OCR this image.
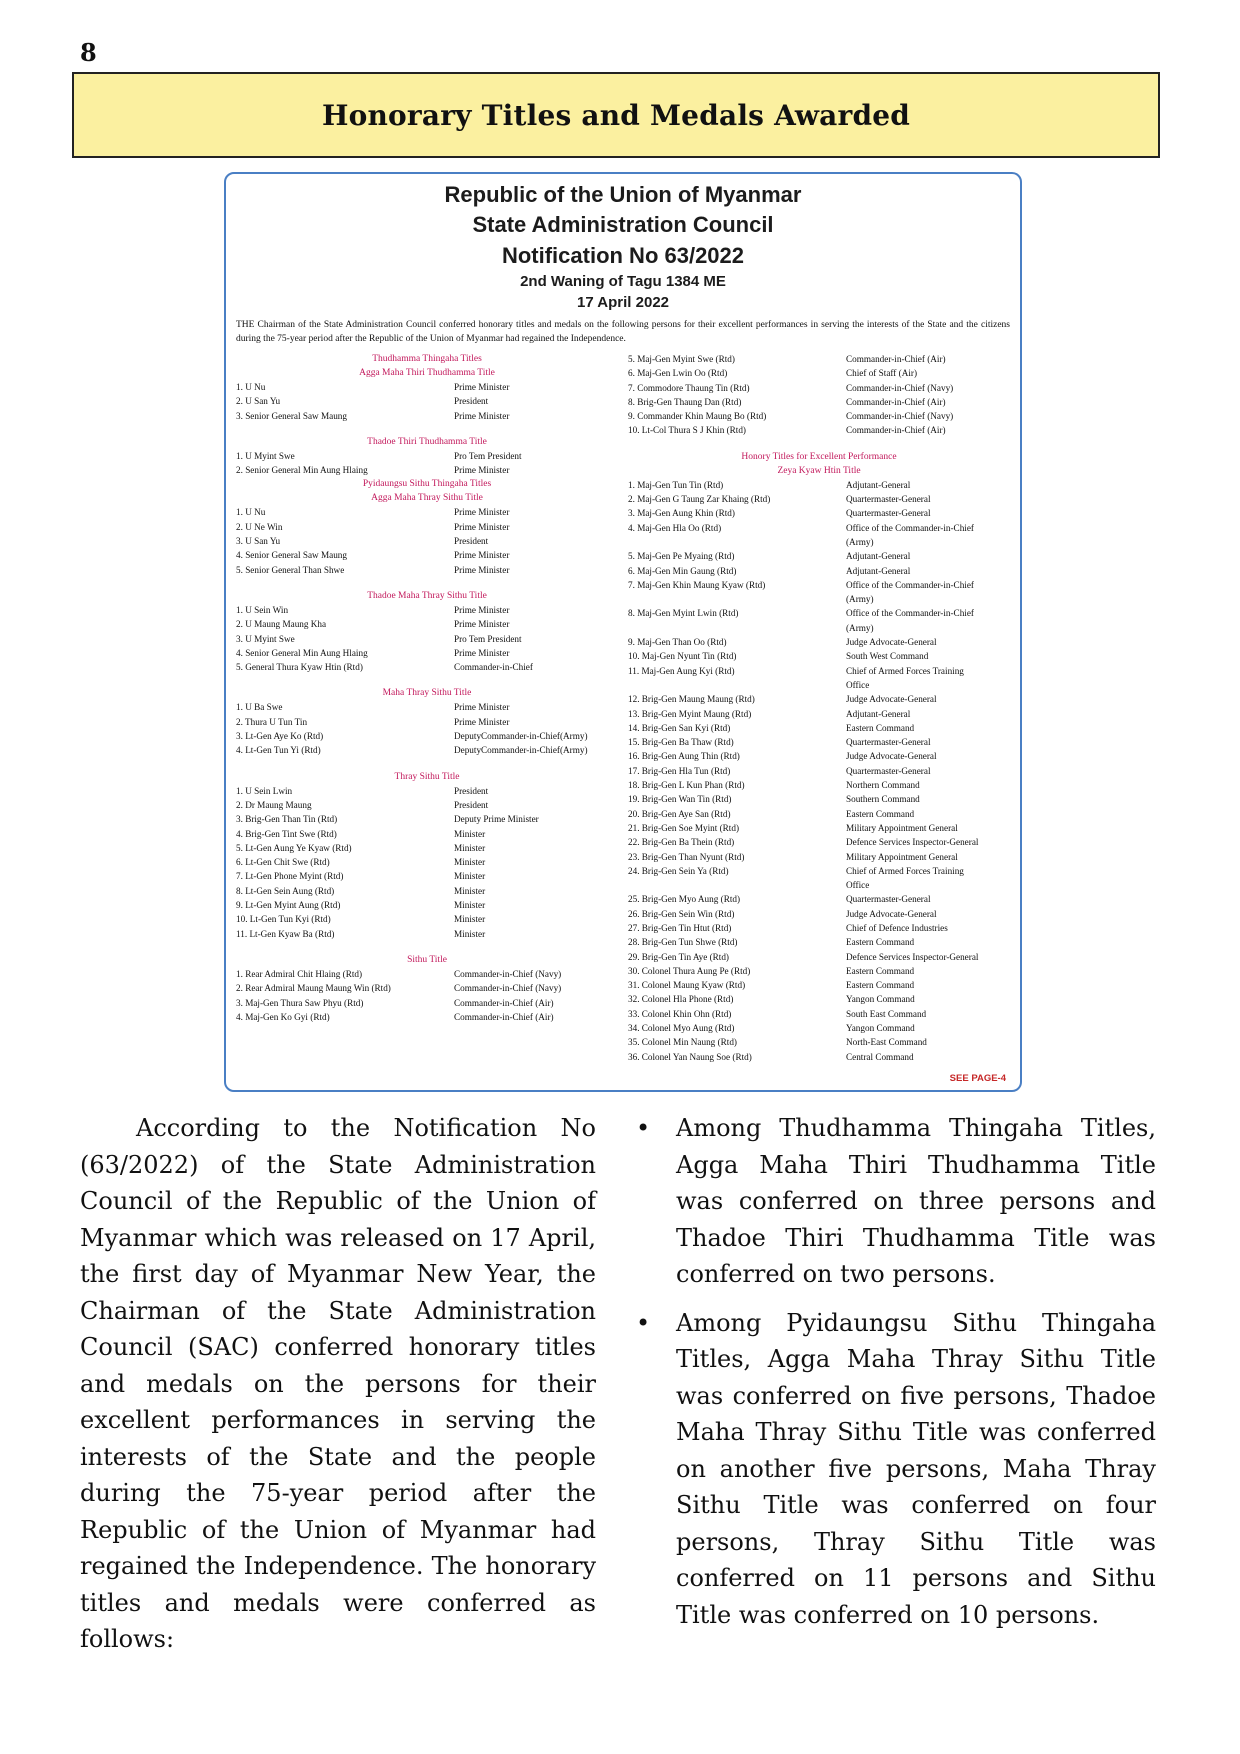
8
Honorary Titles and Medals Awarded
Republic of the Union of Myanmar
State Administration Council
Notification No 63/2022
2nd Waning of Tagu 1384 ME
17 April 2022
THE Chairman of the State Administration Council conferred honorary titles and medals on the following persons for their excellent performances in serving the interests of the State and the citizens during the 75-year period after the Republic of the Union of Myanmar had regained the Independence.
Thudhamma Thingaha Titles
Agga Maha Thiri Thudhamma Title
1. U Nu	Prime Minister
2. U San Yu	President
3. Senior General Saw Maung	Prime Minister
Thadoe Thiri Thudhamma Title
1. U Myint Swe	Pro Tem President
2. Senior General Min Aung Hlaing	Prime Minister
Pyidaungsu Sithu Thingaha Titles
Agga Maha Thray Sithu Title
1. U Nu	Prime Minister
2. U Ne Win	Prime Minister
3. U San Yu	President
4. Senior General Saw Maung	Prime Minister
5. Senior General Than Shwe	Prime Minister
Thadoe Maha Thray Sithu Title
1. U Sein Win	Prime Minister
2. U Maung Maung Kha	Prime Minister
3. U Myint Swe	Pro Tem President
4. Senior General Min Aung Hlaing	Prime Minister
5. General Thura Kyaw Htin (Rtd)	Commander-in-Chief
Maha Thray Sithu Title
1. U Ba Swe	Prime Minister
2. Thura U Tun Tin	Prime Minister
3. Lt-Gen Aye Ko (Rtd)	DeputyCommander-in-Chief(Army)
4. Lt-Gen Tun Yi (Rtd)	DeputyCommander-in-Chief(Army)
Thray Sithu Title
1. U Sein Lwin	President
2. Dr Maung Maung	President
3. Brig-Gen Than Tin (Rtd)	Deputy Prime Minister
4. Brig-Gen Tint Swe (Rtd)	Minister
5. Lt-Gen Aung Ye Kyaw (Rtd)	Minister
6. Lt-Gen Chit Swe (Rtd)	Minister
7. Lt-Gen Phone Myint (Rtd)	Minister
8. Lt-Gen Sein Aung (Rtd)	Minister
9. Lt-Gen Myint Aung (Rtd)	Minister
10. Lt-Gen Tun Kyi (Rtd)	Minister
11. Lt-Gen Kyaw Ba (Rtd)	Minister
Sithu Title
1. Rear Admiral Chit Hlaing (Rtd)	Commander-in-Chief (Navy)
2. Rear Admiral Maung Maung Win (Rtd)	Commander-in-Chief (Navy)
3. Maj-Gen Thura Saw Phyu (Rtd)	Commander-in-Chief (Air)
4. Maj-Gen Ko Gyi (Rtd)	Commander-in-Chief (Air)
5. Maj-Gen Myint Swe (Rtd)	Commander-in-Chief (Air)
6. Maj-Gen Lwin Oo (Rtd)	Chief of Staff (Air)
7. Commodore Thaung Tin (Rtd)	Commander-in-Chief (Navy)
8. Brig-Gen Thaung Dan (Rtd)	Commander-in-Chief (Air)
9. Commander Khin Maung Bo (Rtd)	Commander-in-Chief (Navy)
10. Lt-Col Thura S J Khin (Rtd)	Commander-in-Chief (Air)
Honory Titles for Excellent Performance
Zeya Kyaw Htin Title
1. Maj-Gen Tun Tin (Rtd)	Adjutant-General
2. Maj-Gen G Taung Zar Khaing (Rtd)	Quartermaster-General
3. Maj-Gen Aung Khin (Rtd)	Quartermaster-General
4. Maj-Gen Hla Oo (Rtd)	Office of the Commander-in-Chief
(Army)
5. Maj-Gen Pe Myaing (Rtd)	Adjutant-General
6. Maj-Gen Min Gaung (Rtd)	Adjutant-General
7. Maj-Gen Khin Maung Kyaw (Rtd)	Office of the Commander-in-Chief
(Army)
8. Maj-Gen Myint Lwin (Rtd)	Office of the Commander-in-Chief
(Army)
9. Maj-Gen Than Oo (Rtd)	Judge Advocate-General
10. Maj-Gen Nyunt Tin (Rtd)	South West Command
11. Maj-Gen Aung Kyi (Rtd)	Chief of Armed Forces Training
Office
12. Brig-Gen Maung Maung (Rtd)	Judge Advocate-General
13. Brig-Gen Myint Maung (Rtd)	Adjutant-General
14. Brig-Gen San Kyi (Rtd)	Eastern Command
15. Brig-Gen Ba Thaw (Rtd)	Quartermaster-General
16. Brig-Gen Aung Thin (Rtd)	Judge Advocate-General
17. Brig-Gen Hla Tun (Rtd)	Quartermaster-General
18. Brig-Gen L Kun Phan (Rtd)	Northern Command
19. Brig-Gen Wan Tin (Rtd)	Southern Command
20. Brig-Gen Aye San (Rtd)	Eastern Command
21. Brig-Gen Soe Myint (Rtd)	Military Appointment General
22. Brig-Gen Ba Thein (Rtd)	Defence Services Inspector-General
23. Brig-Gen Than Nyunt (Rtd)	Military Appointment General
24. Brig-Gen Sein Ya (Rtd)	Chief of Armed Forces Training
Office
25. Brig-Gen Myo Aung (Rtd)	Quartermaster-General
26. Brig-Gen Sein Win (Rtd)	Judge Advocate-General
27. Brig-Gen Tin Htut (Rtd)	Chief of Defence Industries
28. Brig-Gen Tun Shwe (Rtd)	Eastern Command
29. Brig-Gen Tin Aye (Rtd)	Defence Services Inspector-General
30. Colonel Thura Aung Pe (Rtd)	Eastern Command
31. Colonel Maung Kyaw (Rtd)	Eastern Command
32. Colonel Hla Phone (Rtd)	Yangon Command
33. Colonel Khin Ohn (Rtd)	South East Command
34. Colonel Myo Aung (Rtd)	Yangon Command
35. Colonel Min Naung (Rtd)	North-East Command
36. Colonel Yan Naung Soe (Rtd)	Central Command
SEE PAGE-4
According to the Notification No (63/2022) of the State Administration Council of the Republic of the Union of Myanmar which was released on 17 April, the first day of Myanmar New Year, the Chairman of the State Administration Council (SAC) conferred honorary titles and medals on the persons for their excellent performances in serving the interests of the State and the people during the 75-year period after the Republic of the Union of Myanmar had regained the Independence. The honorary titles and medals were conferred as follows:
• Among Thudhamma Thingaha Titles, Agga Maha Thiri Thudhamma Title was conferred on three persons and Thadoe Thiri Thudhamma Title was conferred on two persons.
• Among Pyidaungsu Sithu Thingaha Titles, Agga Maha Thray Sithu Title was conferred on five persons, Thadoe Maha Thray Sithu Title was conferred on another five persons, Maha Thray Sithu Title was conferred on four persons, Thray Sithu Title was conferred on 11 persons and Sithu Title was conferred on 10 persons.
